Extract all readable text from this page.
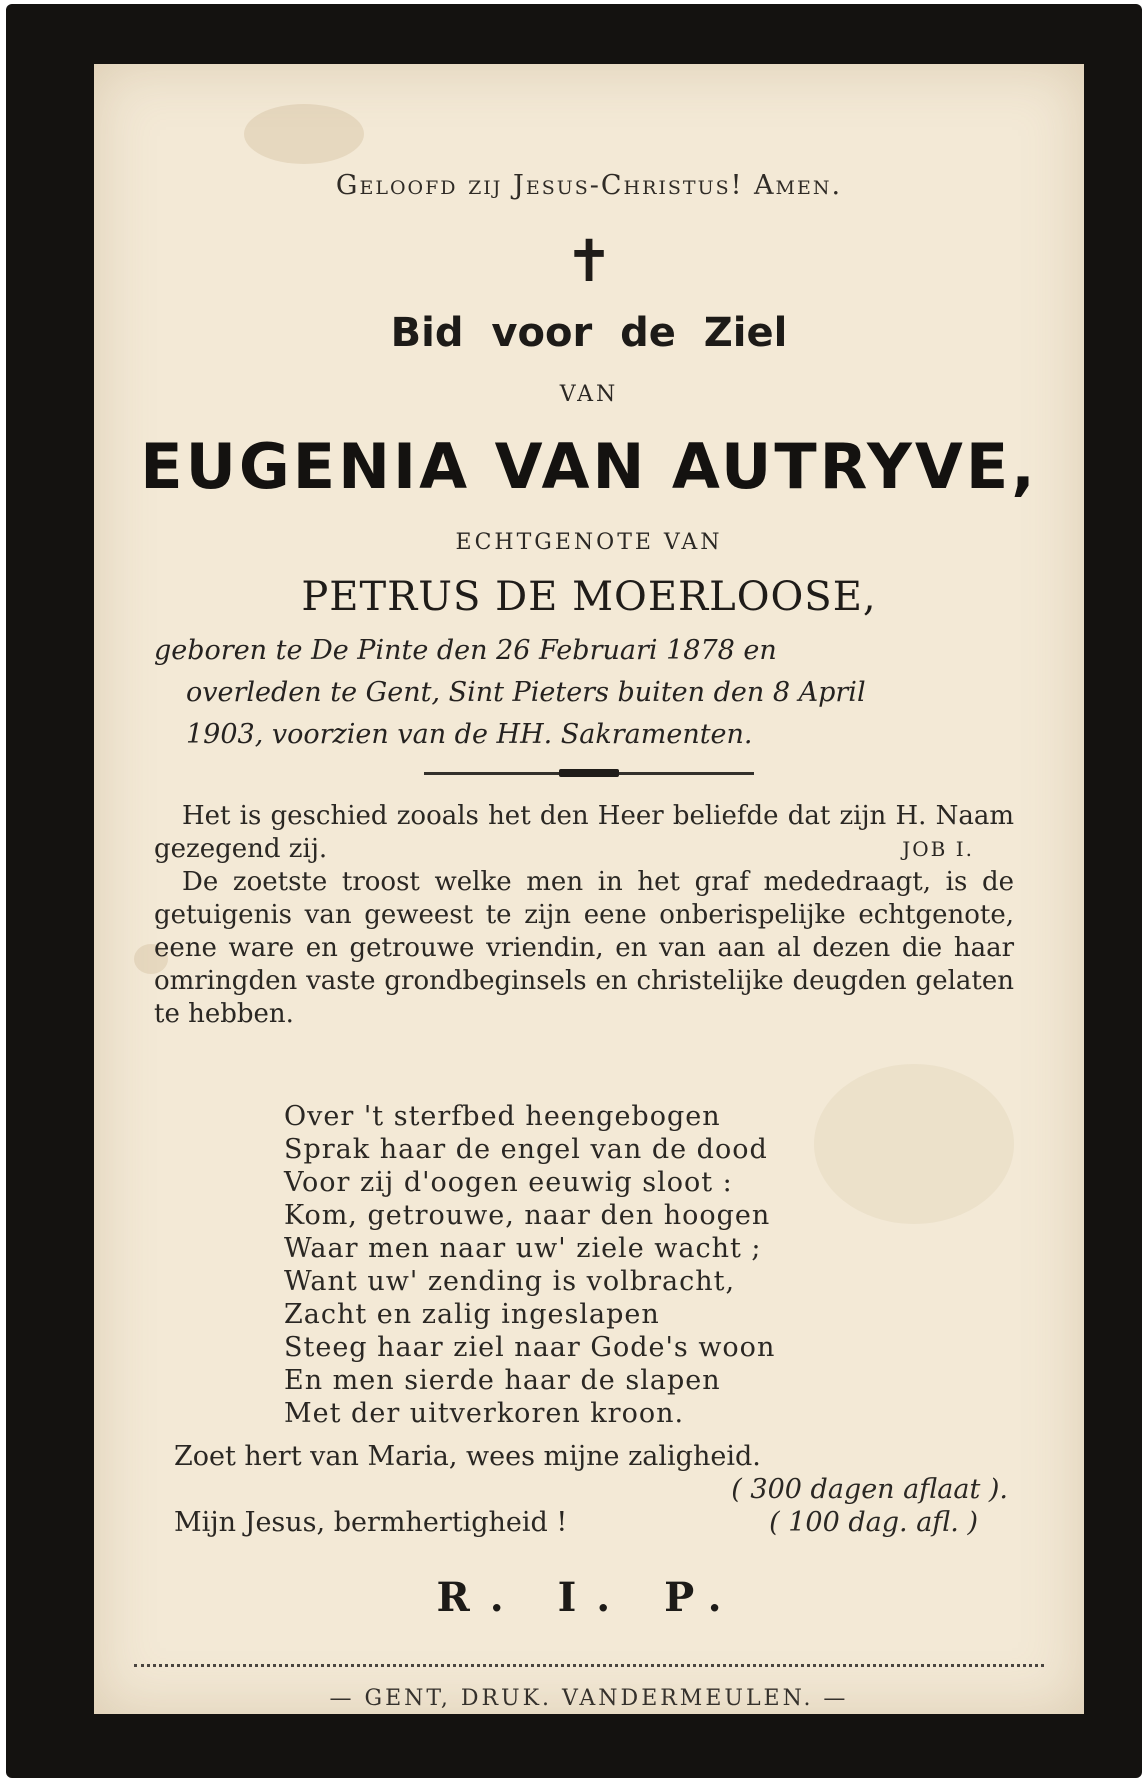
Geloofd zij Jesus-Christus! Amen.
✝
Bid voor de Ziel
VAN
EUGENIA VAN AUTRYVE,
ECHTGENOTE VAN
PETRUS DE MOERLOOSE,
geboren te De Pinte den 26 Februari 1878 en
overleden te Gent, Sint Pieters buiten den 8 April
1903, voorzien van de HH. Sakramenten.

Het is geschied zooals het den Heer beliefde dat zijn H. Naam gezegend zij.	JOB I.

De zoetste troost welke men in het graf mededraagt, is de getuigenis van geweest te zijn eene onberispelijke echtgenote, eene ware en getrouwe vriendin, en van aan al dezen die haar omringden vaste grondbeginsels en christelijke deugden gelaten te hebben.

Over 't sterfbed heengebogen
Sprak haar de engel van de dood
Voor zij d'oogen eeuwig sloot :
Kom, getrouwe, naar den hoogen
Waar men naar uw' ziele wacht ;
Want uw' zending is volbracht,
Zacht en zalig ingeslapen
Steeg haar ziel naar Gode's woon
En men sierde haar de slapen
Met der uitverkoren kroon.
Zoet hert van Maria, wees mijne zaligheid.
( 300 dagen aflaat ).
Mijn Jesus, bermhertigheid !	( 100 dag. afl. )
R. I. P.
— GENT, DRUK. VANDERMEULEN. —
